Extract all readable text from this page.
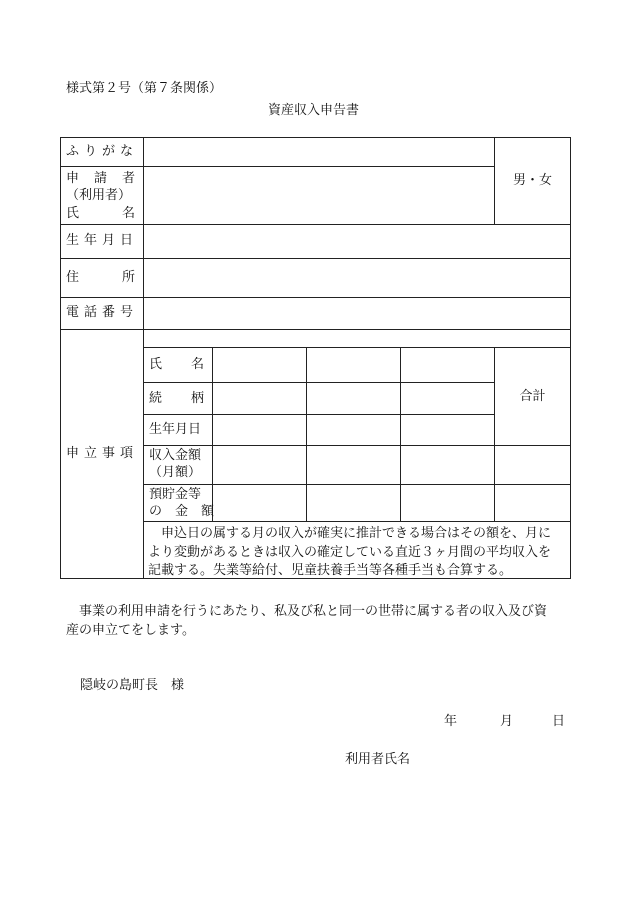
様式第２号（第７条関係）
資産収入申告書
ふりがな
申　請　者
（利用者）
氏　　　名
男・女
生年月日
住　　　所
電話番号
申立事項
氏　　名
続　　柄
生年月日
収入金額
（月額）
預貯金等
の　金　額
合計
　申込日の属する月の収入が確実に推計できる場合はその額を、月に
より変動があるときは収入の確定している直近３ヶ月間の平均収入を
記載する。失業等給付、児童扶養手当等各種手当も合算する。
　事業の利用申請を行うにあたり、私及び私と同一の世帯に属する者の収入及び資
産の申立てをします。
隠岐の島町長　様
年	月	日
利用者氏名
